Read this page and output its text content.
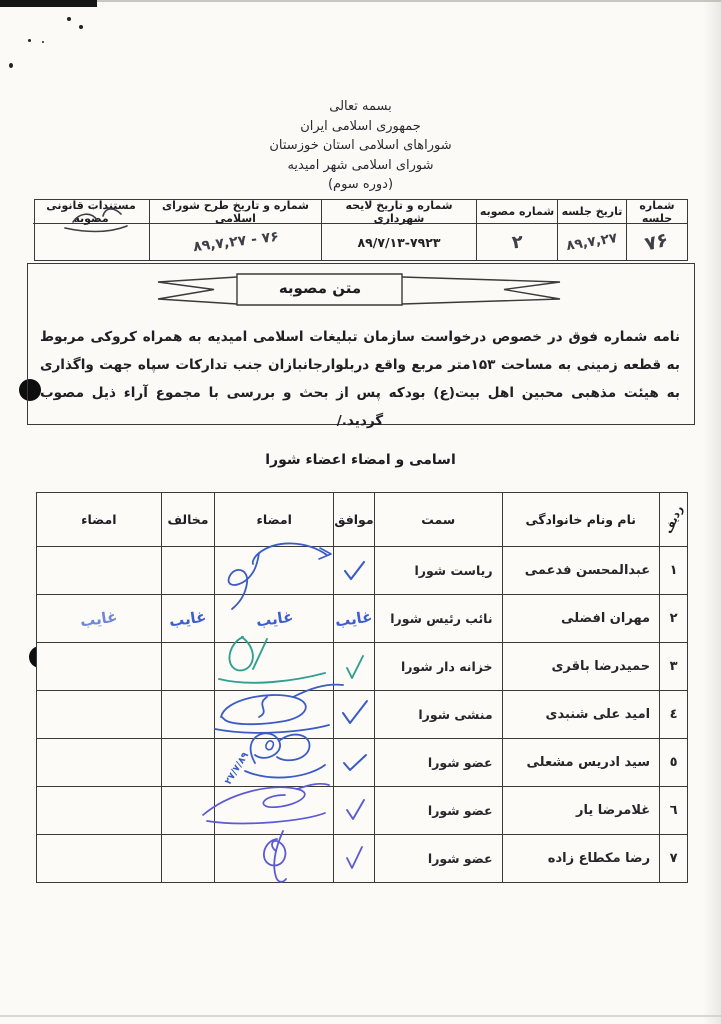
بسمه تعالی
جمهوری اسلامی ایران
شوراهای اسلامی استان خوزستان
شورای اسلامی شهر امیدیه
(دوره سوم)
شماره جلسه
تاریخ جلسه
شماره مصوبه
شماره و تاریخ لایحه شهرداری
شماره و تاریخ طرح شورای اسلامی
مستندات قانونی مصوبه
۷۶
۸۹,۷,۲۷
۲
۸۹/۷/۱۳-۷۹۲۳
۸۹,۷,۲۷ - ۷۶
متن مصوبه
نامه شماره فوق در خصوص درخواست سازمان تبلیغات اسلامی امیدیه به همراه کروکی مربوط به قطعه زمینی به مساحت ۱۵۳متر مربع واقع دربلوارجانبازان جنب تدارکات سپاه جهت واگذاری به هیئت مذهبی محبین اهل بیت(ع) بودکه پس از بحث و بررسی با مجموع آراء ذیل مصوب گردید./
اسامی و امضاء اعضاء شورا
ردیف
نام ونام خانوادگی
سمت
موافق
امضاء
مخالف
امضاء
۱
عبدالمحسن فدعمی
ریاست شورا
۲
مهران افضلی
نائب رئیس شورا
غایب
غایب
غایب
غایب
۳
حمیدرضا باقری
خزانه دار شورا
٤
امید علی شنبدی
منشی شورا
٥
سید ادریس مشعلی
عضو شورا
۲۷/۷/۸۹
٦
غلامرضا یار
عضو شورا
۷
رضا مکطاع زاده
عضو شورا
